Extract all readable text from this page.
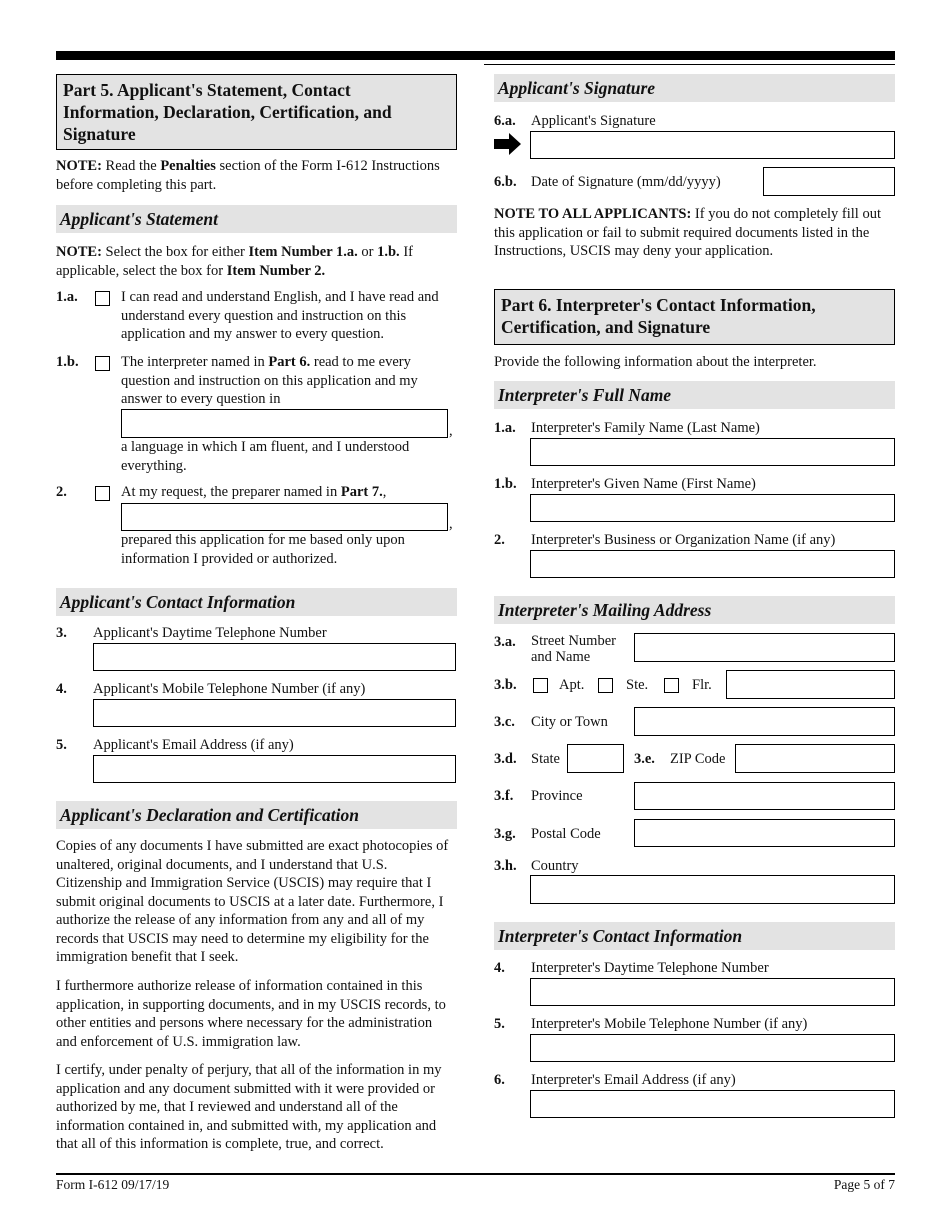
Part 5. Applicant's Statement, Contact Information, Declaration, Certification, and Signature
NOTE: Read the Penalties section of the Form I-612 Instructions before completing this part.
Applicant's Statement
NOTE: Select the box for either Item Number 1.a. or 1.b. If applicable, select the box for Item Number 2.
1.a.	I can read and understand English, and I have read and understand every question and instruction on this application and my answer to every question.
1.b.	The interpreter named in Part 6. read to me every question and instruction on this application and my answer to every question in
,
a language in which I am fluent, and I understood everything.
2.	At my request, the preparer named in Part 7.,
,
prepared this application for me based only upon information I provided or authorized.
Applicant's Contact Information
3. Applicant's Daytime Telephone Number
4. Applicant's Mobile Telephone Number (if any)
5. Applicant's Email Address (if any)
Applicant's Declaration and Certification
Copies of any documents I have submitted are exact photocopies of unaltered, original documents, and I understand that U.S. Citizenship and Immigration Service (USCIS) may require that I submit original documents to USCIS at a later date. Furthermore, I authorize the release of any information from any and all of my records that USCIS may need to determine my eligibility for the immigration benefit that I seek.
I furthermore authorize release of information contained in this application, in supporting documents, and in my USCIS records, to other entities and persons where necessary for the administration and enforcement of U.S. immigration law.
I certify, under penalty of perjury, that all of the information in my application and any document submitted with it were provided or authorized by me, that I reviewed and understand all of the information contained in, and submitted with, my application and that all of this information is complete, true, and correct.
Applicant's Signature
6.a. Applicant's Signature
6.b. Date of Signature (mm/dd/yyyy)
NOTE TO ALL APPLICANTS: If you do not completely fill out this application or fail to submit required documents listed in the Instructions, USCIS may deny your application.
Part 6. Interpreter's Contact Information, Certification, and Signature
Provide the following information about the interpreter.
Interpreter's Full Name
1.a. Interpreter's Family Name (Last Name)
1.b. Interpreter's Given Name (First Name)
2. Interpreter's Business or Organization Name (if any)
Interpreter's Mailing Address
3.a. Street Number and Name
3.b.	Apt.	Ste.	Flr.
3.c. City or Town
3.d. State	3.e. ZIP Code
3.f. Province
3.g. Postal Code
3.h. Country
Interpreter's Contact Information
4. Interpreter's Daytime Telephone Number
5. Interpreter's Mobile Telephone Number (if any)
6. Interpreter's Email Address (if any)
Form I-612 09/17/19	Page 5 of 7
